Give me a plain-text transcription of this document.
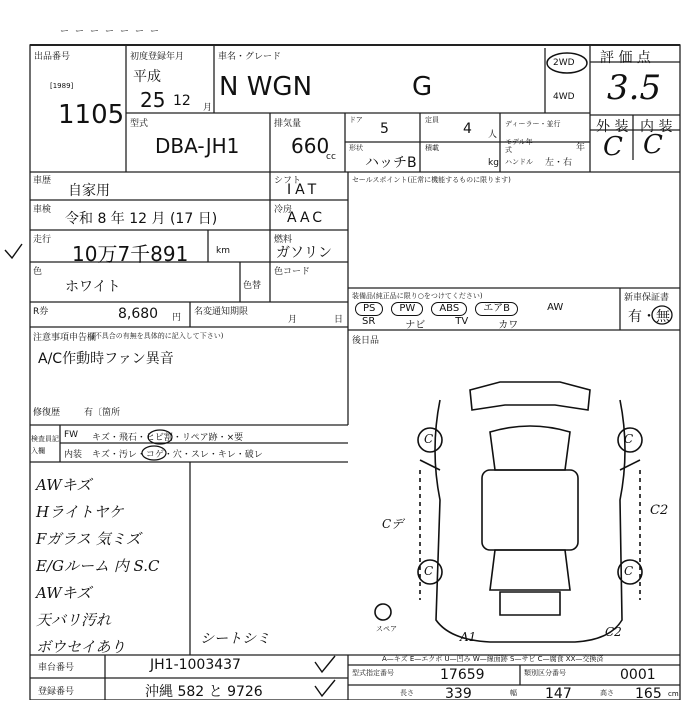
ーーーーーーー
出品番号
[1989]
1105
初度登録年月
平成
25 12 月
車名・グレード
N WGN	G
2WD
4WD
評 価 点
3.5
外 装 内 装
C C
型式
DBA-JH1
排気量
660
cc
ドア
5
定員
4 人
ディーラー・並行
形状
ハッチB
積載
kg
モデル年式	年
ハンドル 左・右
車歴
自家用
シフト
IAT
車検
令和 8 年 12 月 (17 日)
冷房
AAC
走行
10万7千891	km
燃料
ガソリン
色
ホワイト	色替
色コード
R券	8,680 円
名変通知期限
月	日
セールスポイント(正常に機能するものに限ります)
装備品(純正品に限り○をつけてください)	新車保証書
有・無
後日品
PS	PW	ABS	エアB	AW
SR	ナビ	TV	カワ
注意事項申告欄
(不具合の有無を具体的に記入して下さい)
A/C作動時ファン異音
修復歴	有〔箇所
検査員記入欄
FW キズ・飛石・ヒビ割・リペア跡・×要
内装 キズ・汚レ・コゲ・穴・スレ・キレ・破レ
AWキズ
Hライトヤケ
Fガラス 気ミズ
E/Gルーム 内 S.C
AWキズ
天バリ汚れ
ボウセイあり	シートシミ
C	C
C	C
Cデ
C2
A1	C2
スペア
A—キズ E—エクボ U—凹み W—線面跡 S—サビ C—腐食 XX—交換済
車台番号	JH1-1003437
登録番号	沖縄 582 と 9726
型式指定番号	17659	類別区分番号	0001
長さ 339	幅 147	高さ 165 cm
